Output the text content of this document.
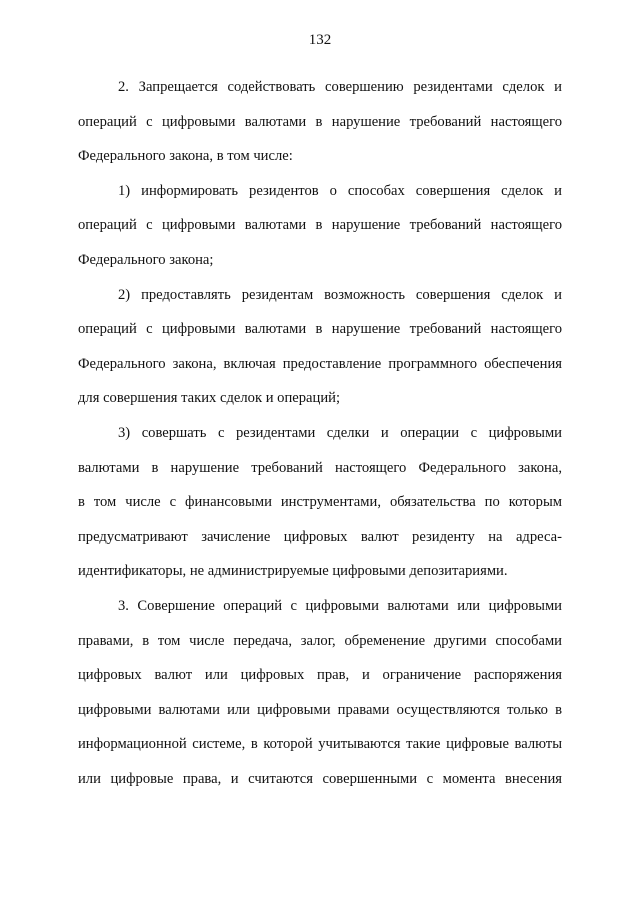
132

2. Запрещается содействовать совершению резидентами сделок и
операций с цифровыми валютами в нарушение требований настоящего
Федерального закона, в том числе:

1) информировать резидентов о способах совершения сделок и
операций с цифровыми валютами в нарушение требований настоящего
Федерального закона;

2) предоставлять резидентам возможность совершения сделок и
операций с цифровыми валютами в нарушение требований настоящего
Федерального закона, включая предоставление программного обеспечения
для совершения таких сделок и операций;

3) совершать с резидентами сделки и операции с цифровыми
валютами в нарушение требований настоящего Федерального закона,
в том числе с финансовыми инструментами, обязательства по которым
предусматривают зачисление цифровых валют резиденту на адреса-
идентификаторы, не администрируемые цифровыми депозитариями.

3. Совершение операций с цифровыми валютами или цифровыми
правами, в том числе передача, залог, обременение другими способами
цифровых валют или цифровых прав, и ограничение распоряжения
цифровыми валютами или цифровыми правами осуществляются только в
информационной системе, в которой учитываются такие цифровые валюты
или цифровые права, и считаются совершенными с момента внесения
